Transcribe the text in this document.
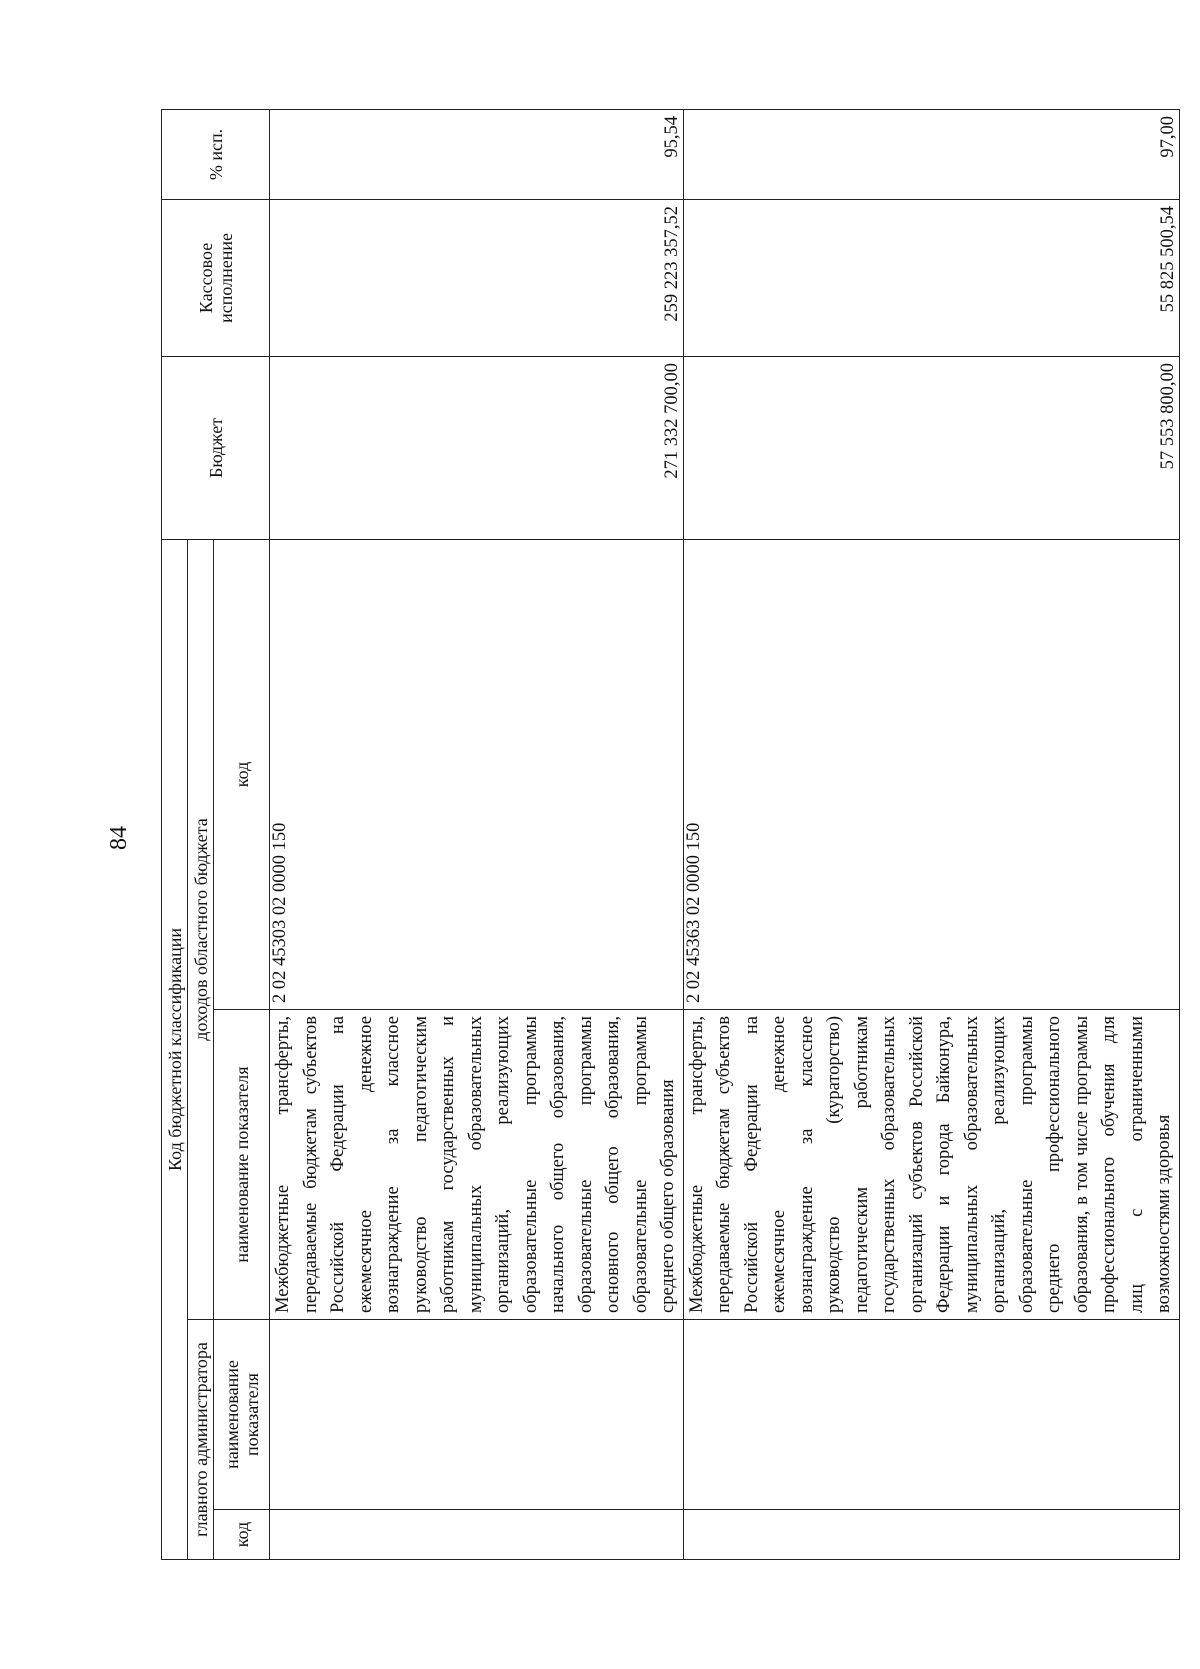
84
Код бюджетной классификации				Бюджет	Кассовое исполнение	% исп.
главного администратора		доходов областного бюджета				
код	наименование показателя	наименование показателя	код			
		Межбюджетные трансферты, передаваемые бюджетам субъектов Российской Федерации на ежемесячное денежное вознаграждение за классное руководство педагогическим работникам государственных и муниципальных образовательных организаций, реализующих образовательные программы начального общего образования, образовательные программы основного общего образования, образовательные программы среднего общего образования	2 02 45303 02 0000 150	271 332 700,00	259 223 357,52	95,54
		Межбюджетные трансферты, передаваемые бюджетам субъектов Российской Федерации на ежемесячное денежное вознаграждение за классное руководство (кураторство) педагогическим работникам государственных образовательных организаций субъектов Российской Федерации и города Байконура, муниципальных образовательных организаций, реализующих образовательные программы среднего профессионального образования, в том числе программы профессионального обучения для лиц с ограниченными возможностями здоровья	2 02 45363 02 0000 150	57 553 800,00	55 825 500,54	97,00
